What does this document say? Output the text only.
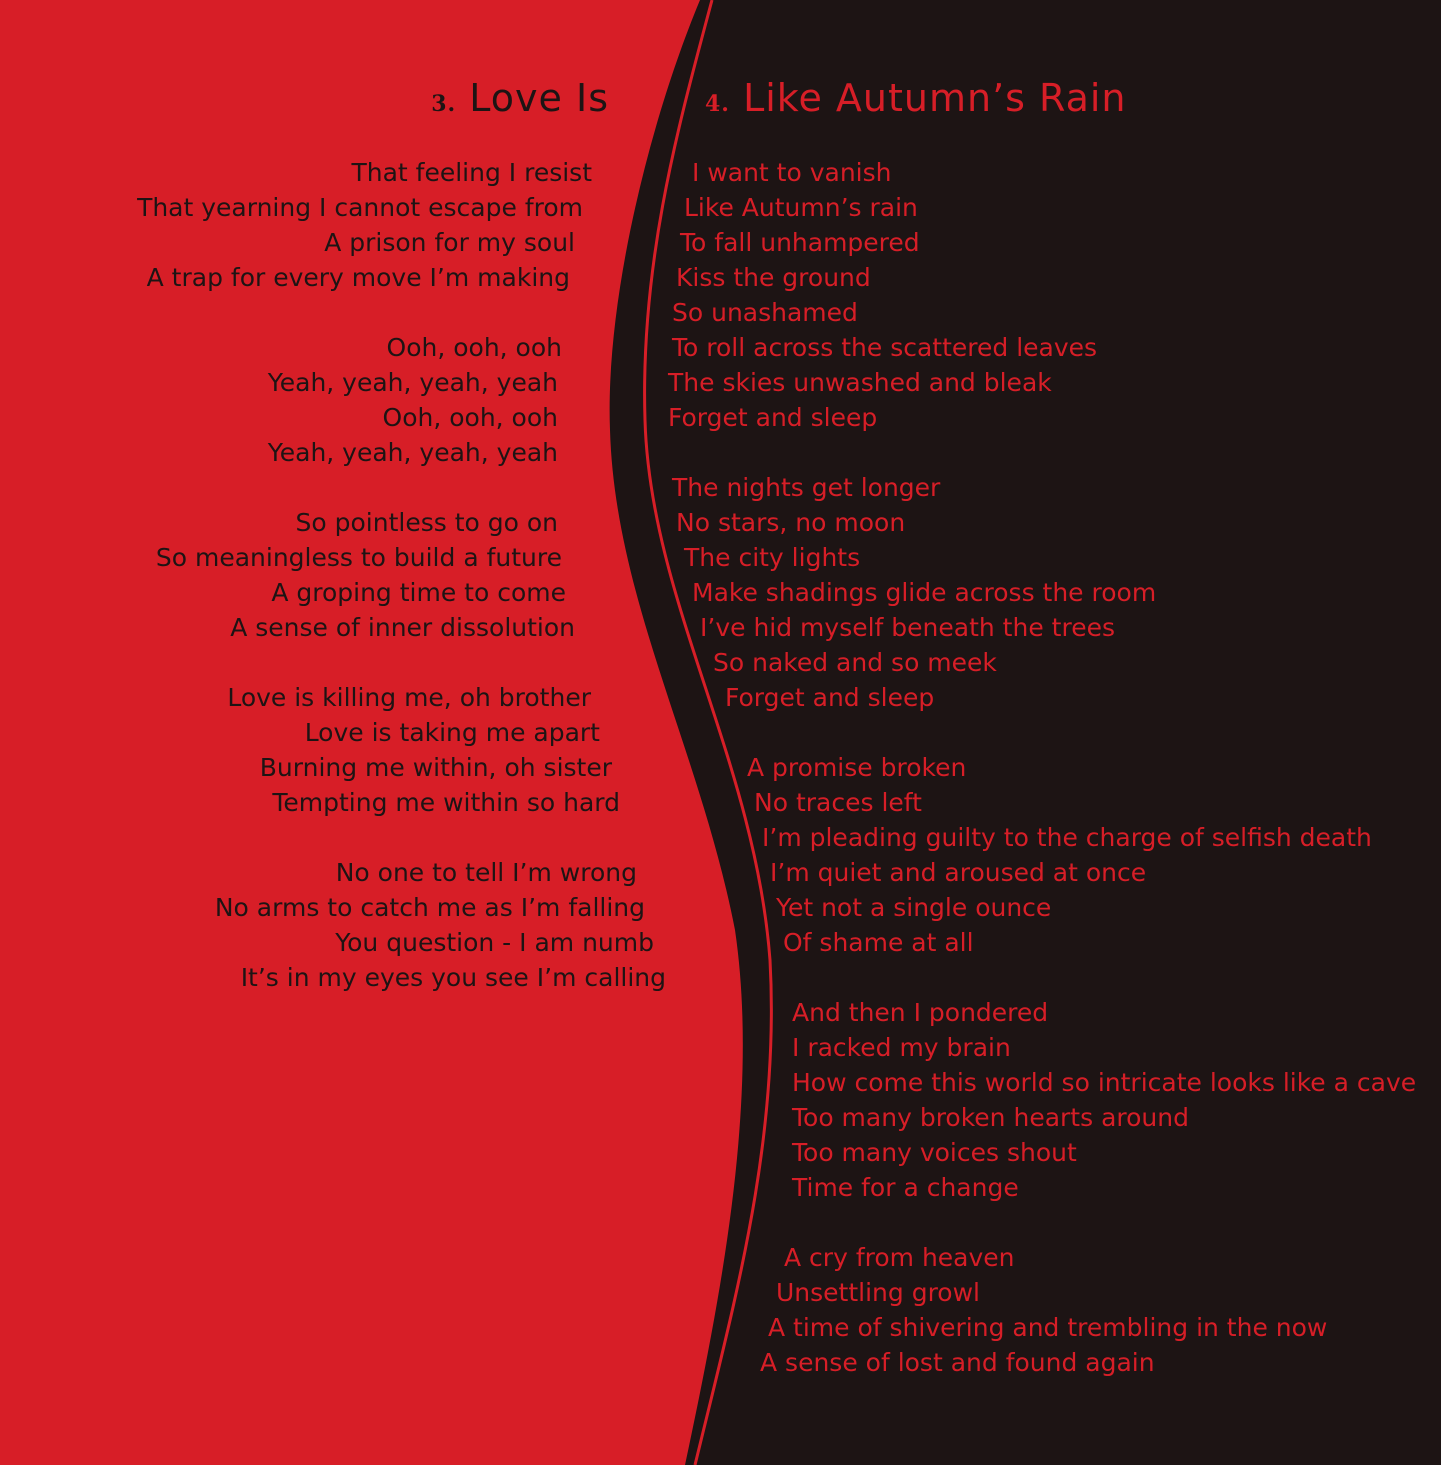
3. Love Is	4. Like Autumn’s Rain
That feeling I resist
That yearning I cannot escape from
A prison for my soul
A trap for every move I’m making
Ooh, ooh, ooh
Yeah, yeah, yeah, yeah
Ooh, ooh, ooh
Yeah, yeah, yeah, yeah
So pointless to go on
So meaningless to build a future
A groping time to come
A sense of inner dissolution
Love is killing me, oh brother
Love is taking me apart
Burning me within, oh sister
Tempting me within so hard
No one to tell I’m wrong
No arms to catch me as I’m falling
You question - I am numb
It’s in my eyes you see I’m calling
I want to vanish
Like Autumn’s rain
To fall unhampered
Kiss the ground
So unashamed
To roll across the scattered leaves
The skies unwashed and bleak
Forget and sleep
The nights get longer
No stars, no moon
The city lights
Make shadings glide across the room
I’ve hid myself beneath the trees
So naked and so meek
Forget and sleep
A promise broken
No traces left
I’m pleading guilty to the charge of selfish death
I’m quiet and aroused at once
Yet not a single ounce
Of shame at all
And then I pondered
I racked my brain
How come this world so intricate looks like a cave
Too many broken hearts around
Too many voices shout
Time for a change
A cry from heaven
Unsettling growl
A time of shivering and trembling in the now
A sense of lost and found again
